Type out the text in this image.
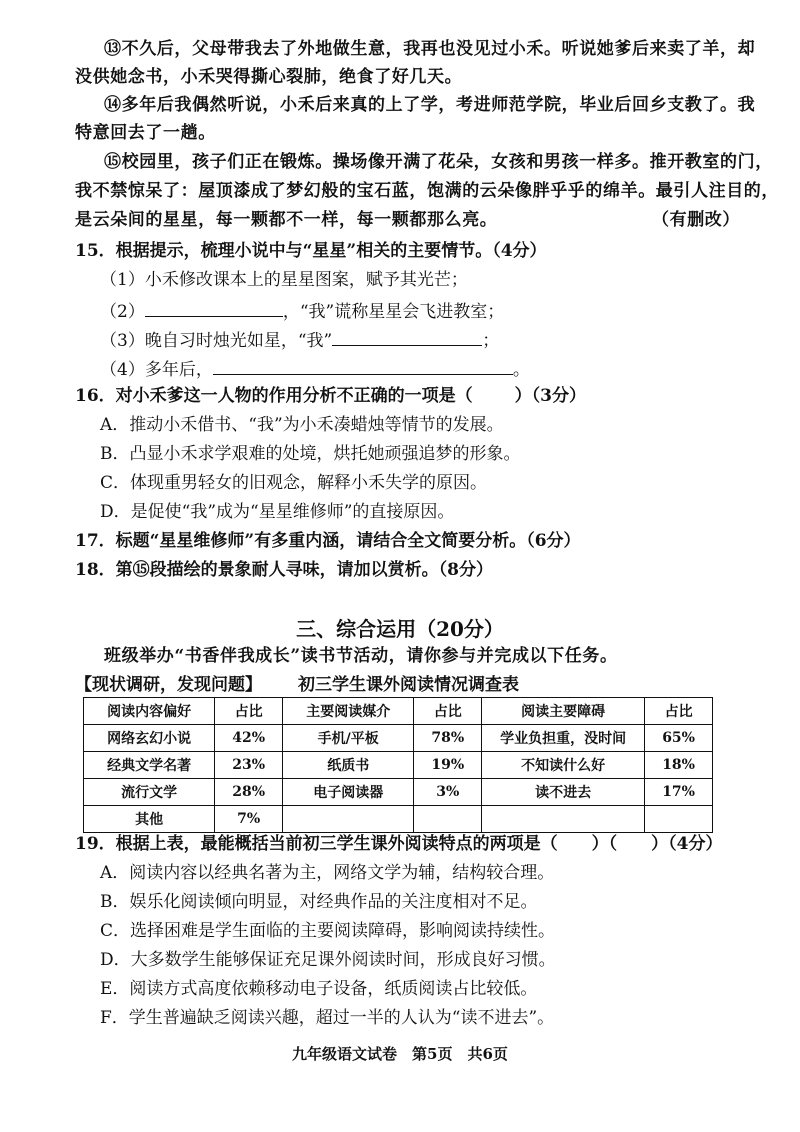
⑬不久后，父母带我去了外地做生意，我再也没见过小禾。听说她爹后来卖了羊，却
没供她念书，小禾哭得撕心裂肺，绝食了好几天。
⑭多年后我偶然听说，小禾后来真的上了学，考进师范学院，毕业后回乡支教了。我
特意回去了一趟。
⑮校园里，孩子们正在锻炼。操场像开满了花朵，女孩和男孩一样多。推开教室的门，
我不禁惊呆了：屋顶漆成了梦幻般的宝石蓝，饱满的云朵像胖乎乎的绵羊。最引人注目的，
是云朵间的星星，每一颗都不一样，每一颗都那么亮。	（有删改）
15．根据提示，梳理小说中与“星星”相关的主要情节。（4分）
（1）小禾修改课本上的星星图案，赋予其光芒；
（2）	，“我”谎称星星会飞进教室；
（3）晚自习时烛光如星，“我”	；
（4）多年后，	。
16．对小禾爹这一人物的作用分析不正确的一项是（ ）（3分）
A．推动小禾借书、“我”为小禾凑蜡烛等情节的发展。
B．凸显小禾求学艰难的处境，烘托她顽强追梦的形象。
C．体现重男轻女的旧观念，解释小禾失学的原因。
D．是促使“我”成为“星星维修师”的直接原因。
17．标题“星星维修师”有多重内涵，请结合全文简要分析。（6分）
18．第⑮段描绘的景象耐人寻味，请加以赏析。（8分）
三、综合运用（20分）
班级举办“书香伴我成长”读书节活动，请你参与并完成以下任务。
【现状调研，发现问题】 初三学生课外阅读情况调查表
阅读内容偏好	占比	主要阅读媒介	占比	阅读主要障碍	占比
网络玄幻小说	42%	手机/平板	78%	学业负担重，没时间	65%
经典文学名著	23%	纸质书	19%	不知读什么好	18%
流行文学	28%	电子阅读器	3%	读不进去	17%
其他	7%				
19．根据上表，最能概括当前初三学生课外阅读特点的两项是（ ）（ ）（4分）
A．阅读内容以经典名著为主，网络文学为辅，结构较合理。
B．娱乐化阅读倾向明显，对经典作品的关注度相对不足。
C．选择困难是学生面临的主要阅读障碍，影响阅读持续性。
D．大多数学生能够保证充足课外阅读时间，形成良好习惯。
E．阅读方式高度依赖移动电子设备，纸质阅读占比较低。
F．学生普遍缺乏阅读兴趣，超过一半的人认为“读不进去”。
九年级语文试卷　第5页　共6页
